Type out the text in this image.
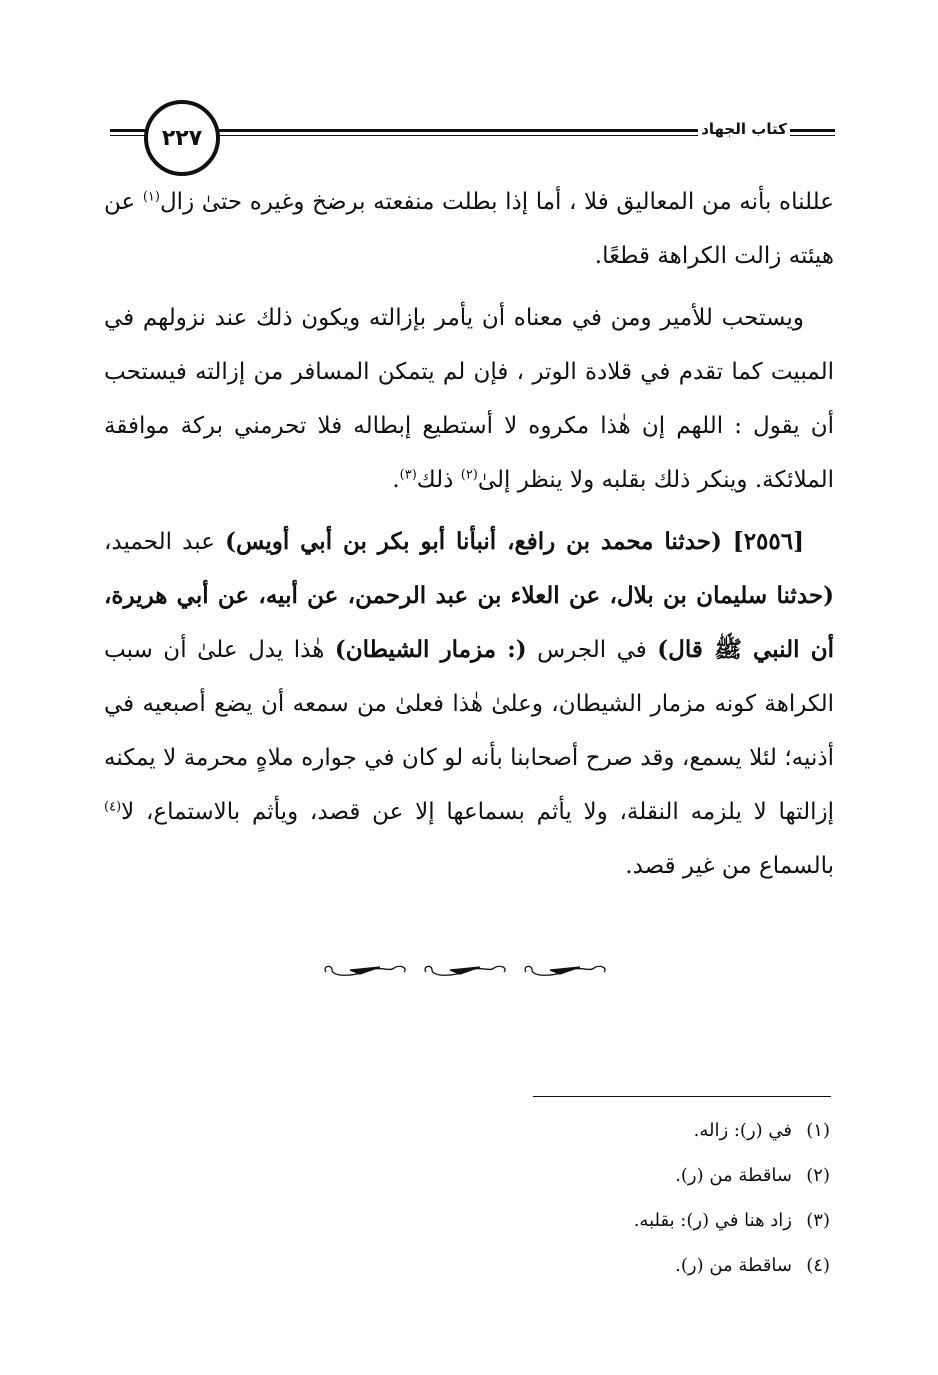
٢٢٧	كتاب الجهاد

عللناه بأنه من المعاليق فلا ، أما إذا بطلت منفعته برضخ وغيره حتىٰ زال$^{(١)}$ عن هيئته زالت الكراهة قطعًا.

ويستحب للأمير ومن في معناه أن يأمر بإزالته ويكون ذلك عند نزولهم في المبيت كما تقدم في قلادة الوتر ، فإن لم يتمكن المسافر من إزالته فيستحب أن يقول : اللهم إن هٰذا مكروه لا أستطيع إبطاله فلا تحرمني بركة موافقة الملائكة. وينكر ذلك بقلبه ولا ينظر إلىٰ$^{(٢)}$ ذلك$^{(٣)}$.

[٢٥٥٦] (حدثنا محمد بن رافع، أنبأنا أبو بكر بن أبي أويس) عبد الحميد، (حدثنا سليمان بن بلال، عن العلاء بن عبد الرحمن، عن أبيه، عن أبي هريرة، أن النبي ﷺ قال) في الجرس (: مزمار الشيطان) هٰذا يدل علىٰ أن سبب الكراهة كونه مزمار الشيطان، وعلىٰ هٰذا فعلىٰ من سمعه أن يضع أصبعيه في أذنيه؛ لئلا يسمع، وقد صرح أصحابنا بأنه لو كان في جواره ملاهٍ محرمة لا يمكنه إزالتها لا يلزمه النقلة، ولا يأثم بسماعها إلا عن قصد، ويأثم بالاستماع، لا$^{(٤)}$ بالسماع من غير قصد.

(١)في (ر): زاله.
(٢)ساقطة من (ر).
(٣)زاد هنا في (ر): بقلبه.
(٤)ساقطة من (ر).
